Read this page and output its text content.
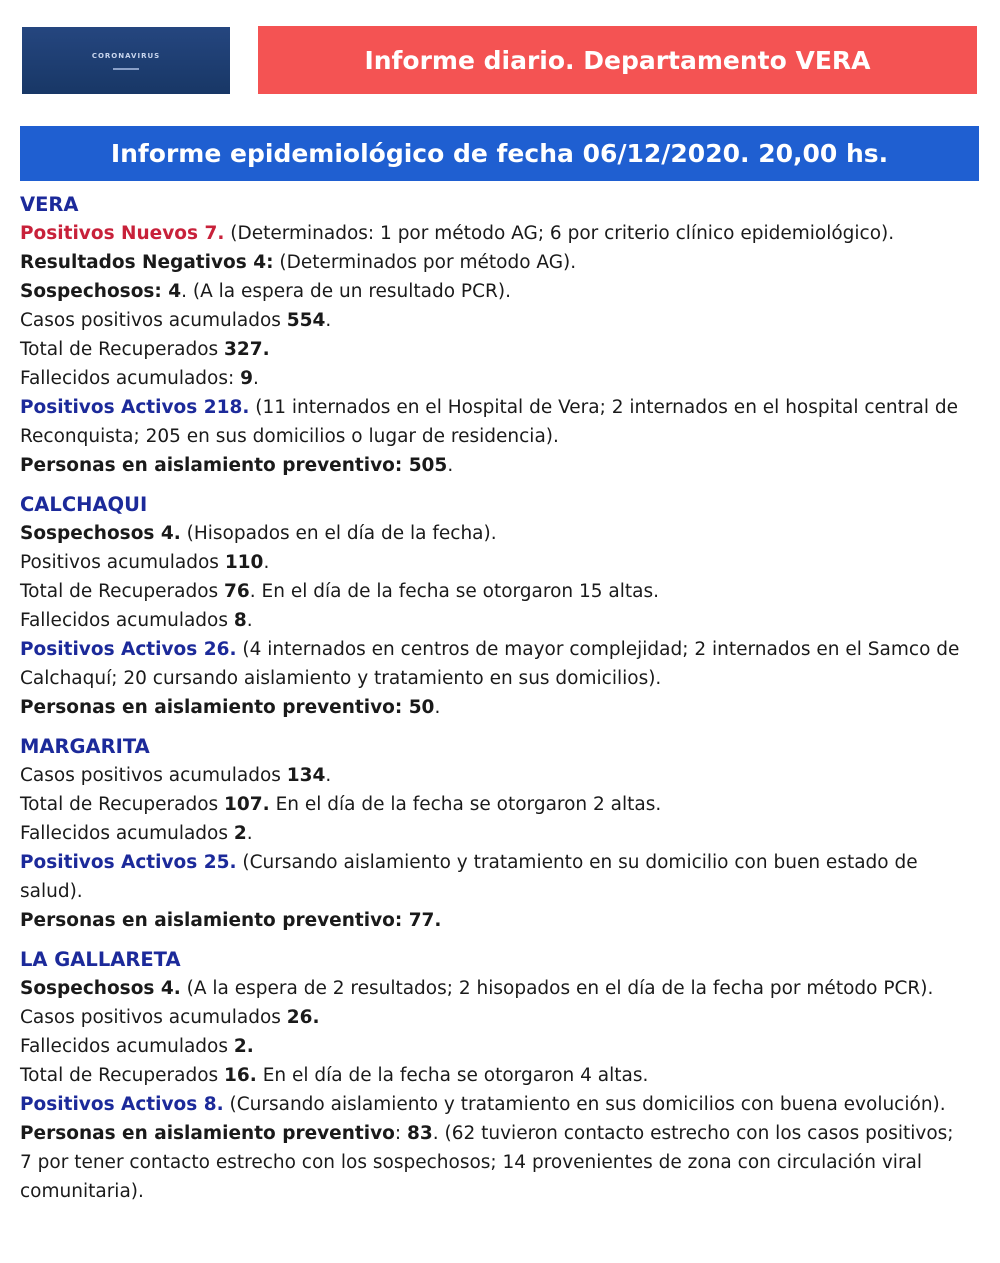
CORONAVIRUS	Informe diario. Departamento VERA
Informe epidemiológico de fecha 06/12/2020. 20,00 hs.
VERA

Positivos Nuevos 7. (Determinados: 1 por método AG; 6 por criterio clínico epidemiológico).

Resultados Negativos 4: (Determinados por método AG).

Sospechosos: 4. (A la espera de un resultado PCR).

Casos positivos acumulados 554.

Total de Recuperados 327.

Fallecidos acumulados: 9.

Positivos Activos 218. (11 internados en el Hospital de Vera; 2 internados en el hospital central de Reconquista; 205 en sus domicilios o lugar de residencia).

Personas en aislamiento preventivo: 505.

CALCHAQUI

Sospechosos 4. (Hisopados en el día de la fecha).

Positivos acumulados 110.

Total de Recuperados 76. En el día de la fecha se otorgaron 15 altas.

Fallecidos acumulados 8.

Positivos Activos 26. (4 internados en centros de mayor complejidad; 2 internados en el Samco de Calchaquí; 20 cursando aislamiento y tratamiento en sus domicilios).

Personas en aislamiento preventivo: 50.

MARGARITA

Casos positivos acumulados 134.

Total de Recuperados 107. En el día de la fecha se otorgaron 2 altas.

Fallecidos acumulados 2.

Positivos Activos 25. (Cursando aislamiento y tratamiento en su domicilio con buen estado de salud).

Personas en aislamiento preventivo: 77.

LA GALLARETA

Sospechosos 4. (A la espera de 2 resultados; 2 hisopados en el día de la fecha por método PCR).

Casos positivos acumulados 26.

Fallecidos acumulados 2.

Total de Recuperados 16. En el día de la fecha se otorgaron 4 altas.

Positivos Activos 8. (Cursando aislamiento y tratamiento en sus domicilios con buena evolución).

Personas en aislamiento preventivo: 83. (62 tuvieron contacto estrecho con los casos positivos; 7 por tener contacto estrecho con los sospechosos; 14 provenientes de zona con circulación viral comunitaria).
